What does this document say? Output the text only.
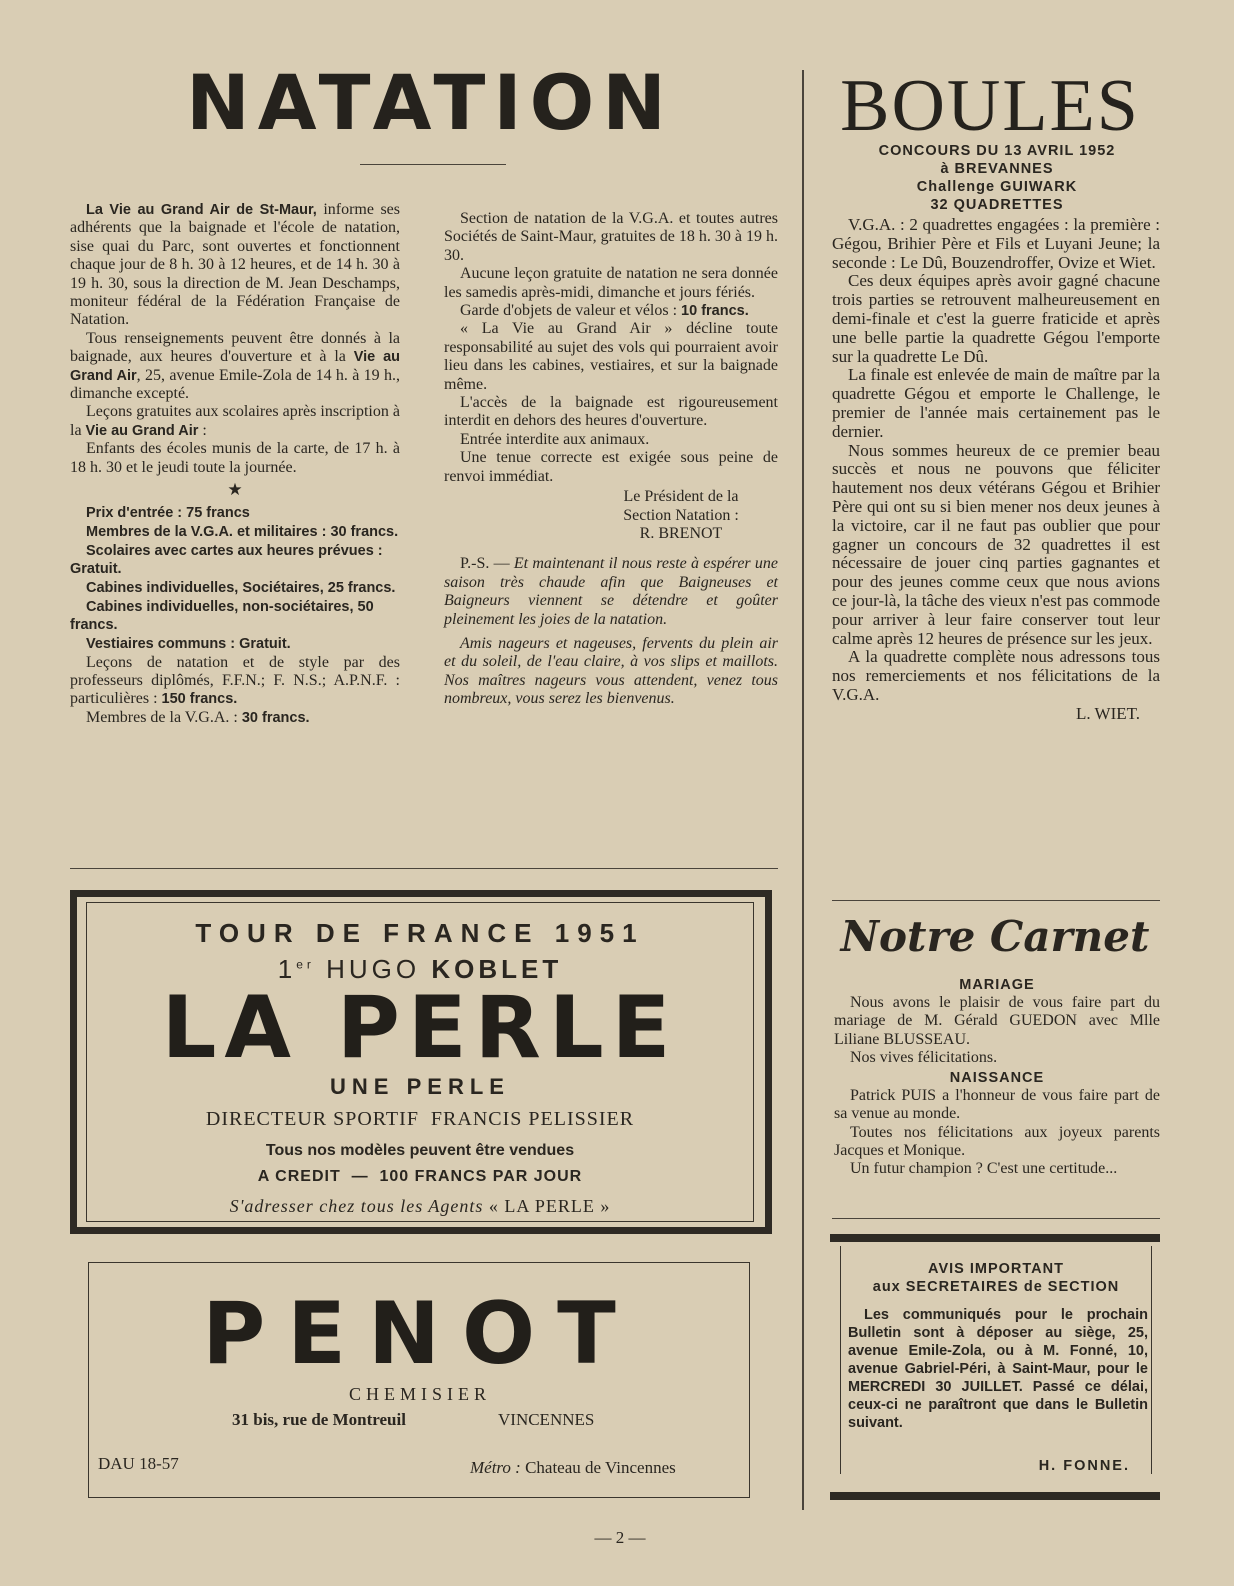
NATATION

La Vie au Grand Air de St-Maur, informe ses adhérents que la baignade et l'école de natation, sise quai du Parc, sont ouvertes et fonctionnent chaque jour de 8 h. 30 à 12 heures, et de 14 h. 30 à 19 h. 30, sous la direction de M. Jean Deschamps, moniteur fédéral de la Fédération Française de Natation.

Tous renseignements peuvent être donnés à la baignade, aux heures d'ouverture et à la Vie au Grand Air, 25, avenue Emile-Zola de 14 h. à 19 h., dimanche excepté.

Leçons gratuites aux scolaires après inscription à la Vie au Grand Air :

Enfants des écoles munis de la carte, de 17 h. à 18 h. 30 et le jeudi toute la journée.

★

Prix d'entrée : 75 francs

Membres de la V.G.A. et militaires : 30 francs.

Scolaires avec cartes aux heures prévues : Gratuit.

Cabines individuelles, Sociétaires, 25 francs.

Cabines individuelles, non-sociétaires, 50 francs.

Vestiaires communs : Gratuit.

Leçons de natation et de style par des professeurs diplômés, F.F.N.; F. N.S.; A.P.N.F. : particulières : 150 francs.

Membres de la V.G.A. : 30 francs.

Section de natation de la V.G.A. et toutes autres Sociétés de Saint-Maur, gratuites de 18 h. 30 à 19 h. 30.

Aucune leçon gratuite de natation ne sera donnée les samedis après-midi, dimanche et jours fériés.

Garde d'objets de valeur et vélos : 10 francs.

« La Vie au Grand Air » décline toute responsabilité au sujet des vols qui pourraient avoir lieu dans les cabines, vestiaires, et sur la baignade même.

L'accès de la baignade est rigoureusement interdit en dehors des heures d'ouverture.

Entrée interdite aux animaux.

Une tenue correcte est exigée sous peine de renvoi immédiat.

Le Président de la
Section Natation :
R. BRENOT

P.-S. — Et maintenant il nous reste à espérer une saison très chaude afin que Baigneuses et Baigneurs viennent se détendre et goûter pleinement les joies de la natation.

Amis nageurs et nageuses, fervents du plein air et du soleil, de l'eau claire, à vos slips et maillots. Nos maîtres nageurs vous attendent, venez tous nombreux, vous serez les bienvenus.

BOULES
CONCOURS DU 13 AVRIL 1952
à BREVANNES
Challenge GUIWARK
32 QUADRETTES

V.G.A. : 2 quadrettes engagées : la première : Gégou, Brihier Père et Fils et Luyani Jeune; la seconde : Le Dû, Bouzendroffer, Ovize et Wiet.

Ces deux équipes après avoir gagné chacune trois parties se retrouvent malheureusement en demi-finale et c'est la guerre fraticide et après une belle partie la quadrette Gégou l'emporte sur la quadrette Le Dû.

La finale est enlevée de main de maître par la quadrette Gégou et emporte le Challenge, le premier de l'année mais certainement pas le dernier.

Nous sommes heureux de ce premier beau succès et nous ne pouvons que féliciter hautement nos deux vétérans Gégou et Brihier Père qui ont su si bien mener nos deux jeunes à la victoire, car il ne faut pas oublier que pour gagner un concours de 32 quadrettes il est nécessaire de jouer cinq parties gagnantes et pour des jeunes comme ceux que nous avions ce jour-là, la tâche des vieux n'est pas commode pour arriver à leur faire conserver tout leur calme après 12 heures de présence sur les jeux.

A la quadrette complète nous adressons tous nos remerciements et nos félicitations de la V.G.A.

L. WIET.
Notre Carnet
MARIAGE

Nous avons le plaisir de vous faire part du mariage de M. Gérald GUEDON avec Mlle Liliane BLUSSEAU.

Nos vives félicitations.

NAISSANCE

Patrick PUIS a l'honneur de vous faire part de sa venue au monde.

Toutes nos félicitations aux joyeux parents Jacques et Monique.

Un futur champion ? C'est une certitude...

AVIS IMPORTANT
aux SECRETAIRES de SECTION
Les communiqués pour le prochain Bulletin sont à déposer au siège, 25, avenue Emile-Zola, ou à M. Fonné, 10, avenue Gabriel-Péri, à Saint-Maur, pour le MERCREDI 30 JUILLET. Passé ce délai, ceux-ci ne paraîtront que dans le Bulletin suivant.
H. FONNE.
TOUR DE FRANCE 1951
1er HUGO KOBLET
LA PERLE
UNE PERLE
DIRECTEUR SPORTIF  FRANCIS PELISSIER
Tous nos modèles peuvent être vendues
A CREDIT  —  100 FRANCS PAR JOUR
S'adresser chez tous les Agents « LA PERLE »
PENOT
CHEMISIER
31 bis, rue de Montreuil	VINCENNES
DAU 18-57	Métro : Chateau de Vincennes
— 2 —
